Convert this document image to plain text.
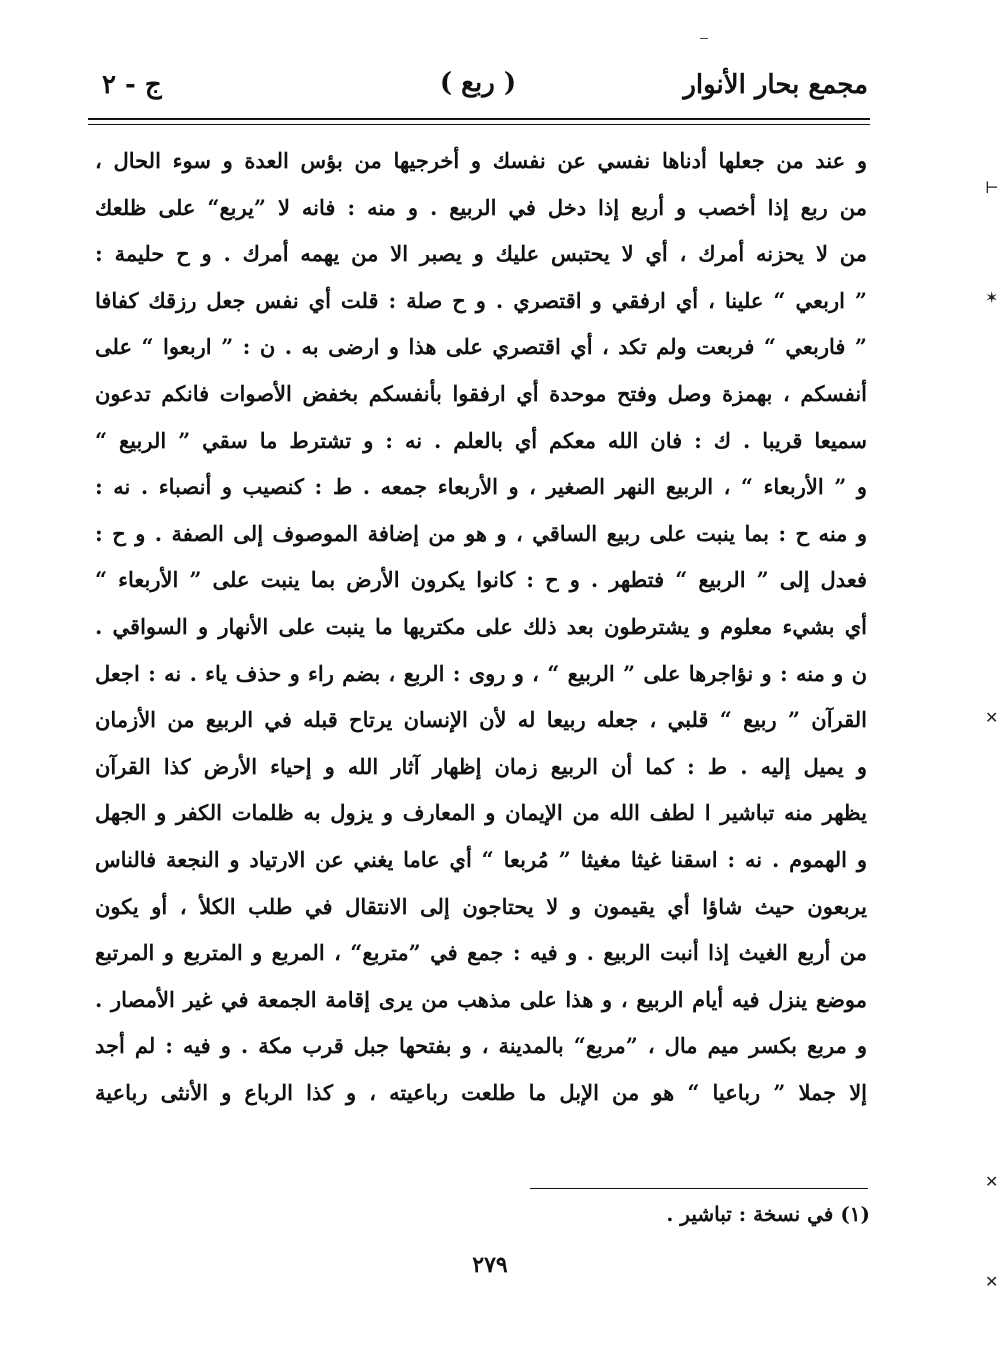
مجمع بحار الأنوار
( ربع )
ج - ٢
و عند من جعلها أدناها نفسي عن نفسك و أخرجيها من بؤس العدة و سوء الحال ،
من ربع إذا أخصب و أربع إذا دخل في الربيع . و منه : فانه لا ”يربع“ على ظلعك
من لا يحزنه أمرك ، أي لا يحتبس عليك و يصبر الا من يهمه أمرك . و ح حليمة :
” اربعي “ علينا ، أي ارفقي و اقتصري . و ح صلة : قلت أي نفس جعل رزقك كفافا
” فاربعي “ فربعت ولم تكد ، أي اقتصري على هذا و ارضى به . ن : ” اربعوا “ على
أنفسكم ، بهمزة وصل وفتح موحدة أي ارفقوا بأنفسكم بخفض الأصوات فانكم تدعون
سميعا قريبا . ك : فان الله معكم أي بالعلم . نه : و تشترط ما سقي ” الربيع “
و ” الأربعاء “ ، الربيع النهر الصغير ، و الأربعاء جمعه . ط : كنصيب و أنصباء . نه :
و منه ح : بما ينبت على ربيع الساقي ، و هو من إضافة الموصوف إلى الصفة . و ح :
فعدل إلى ” الربيع “ فتطهر . و ح : كانوا يكرون الأرض بما ينبت على ” الأربعاء “
أي بشيء معلوم و يشترطون بعد ذلك على مكتريها ما ينبت على الأنهار و السواقي .
ن و منه : و نؤاجرها على ” الربيع “ ، و روى : الربع ، بضم راء و حذف ياء . نه : اجعل
القرآن ” ربيع “ قلبي ، جعله ربيعا له لأن الإنسان يرتاح قبله في الربيع من الأزمان
و يميل إليه . ط : كما أن الربيع زمان إظهار آثار الله و إحياء الأرض كذا القرآن
يظهر منه تباشير ا لطف الله من الإيمان و المعارف و يزول به ظلمات الكفر و الجهل
و الهموم . نه : اسقنا غيثا مغيثا ” مُربعا “ أي عاما يغني عن الارتياد و النجعة فالناس
يربعون حيث شاؤا أي يقيمون و لا يحتاجون إلى الانتقال في طلب الكلأ ، أو يكون
من أربع الغيث إذا أنبت الربيع . و فيه : جمع في ”متربع“ ، المربع و المتربع و المرتبع
موضع ينزل فيه أيام الربيع ، و هذا على مذهب من يرى إقامة الجمعة في غير الأمصار .
و مربع بكسر ميم مال ، ”مربع“ بالمدينة ، و بفتحها جبل قرب مكة . و فيه : لم أجد
إلا جملا ” رباعيا “ هو من الإبل ما طلعت رباعيته ، و كذا الرباع و الأنثى رباعية
(١) في نسخة : تباشير .
٢٧٩
⊢
✶
✕
✕
✕
